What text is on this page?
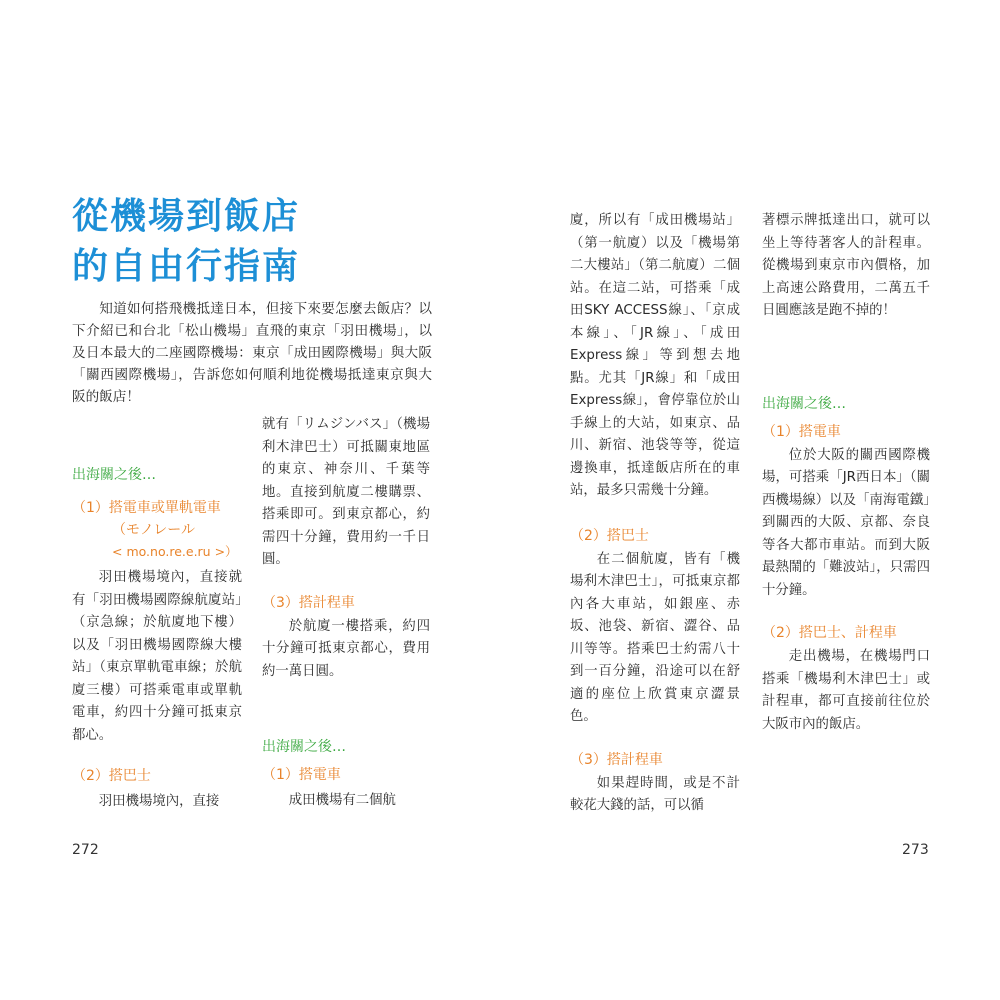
從機場到飯店
的自由行指南

知道如何搭飛機抵達日本，但接下來要怎麼去飯店？以下介紹已和台北「松山機場」直飛的東京「羽田機場」，以及日本最大的二座國際機場：東京「成田國際機場」與大阪「關西國際機場」，告訴您如何順利地從機場抵達東京與大阪的飯店！

出海關之後…

（1）搭電車或單軌電車

（モノレール

< mo.no.re.e.ru >）

羽田機場境內，直接就有「羽田機場國際線航廈站」（京急線；於航廈地下樓）以及「羽田機場國際線大樓站」（東京單軌電車線；於航廈三樓）可搭乘電車或單軌電車，約四十分鐘可抵東京都心。

（2）搭巴士

羽田機場境內，直接

就有「リムジンバス」（機場利木津巴士）可抵關東地區的東京、神奈川、千葉等地。直接到航廈二樓購票、搭乘即可。到東京都心，約需四十分鐘，費用約一千日圓。

（3）搭計程車

於航廈一樓搭乘，約四十分鐘可抵東京都心，費用約一萬日圓。

出海關之後…

（1）搭電車

成田機場有二個航

廈，所以有「成田機場站」（第一航廈）以及「機場第二大樓站」（第二航廈）二個站。在這二站，可搭乘「成田SKY ACCESS線」、「京成本線」、「JR線」、「成田Express線」等到想去地點。尤其「JR線」和「成田Express線」，會停靠位於山手線上的大站，如東京、品川、新宿、池袋等等，從這邊換車，抵達飯店所在的車站，最多只需幾十分鐘。

（2）搭巴士

在二個航廈，皆有「機場利木津巴士」，可抵東京都內各大車站，如銀座、赤坂、池袋、新宿、澀谷、品川等等。搭乘巴士約需八十到一百分鐘，沿途可以在舒適的座位上欣賞東京澀景色。

（3）搭計程車

如果趕時間，或是不計較花大錢的話，可以循

著標示牌抵達出口，就可以坐上等待著客人的計程車。從機場到東京市內價格，加上高速公路費用，二萬五千日圓應該是跑不掉的！

出海關之後…

（1）搭電車

位於大阪的關西國際機場，可搭乘「JR西日本」（關西機場線）以及「南海電鐵」到關西的大阪、京都、奈良等各大都市車站。而到大阪最熱鬧的「難波站」，只需四十分鐘。

（2）搭巴士、計程車

走出機場，在機場門口搭乘「機場利木津巴士」或計程車，都可直接前往位於大阪市內的飯店。

272	273
